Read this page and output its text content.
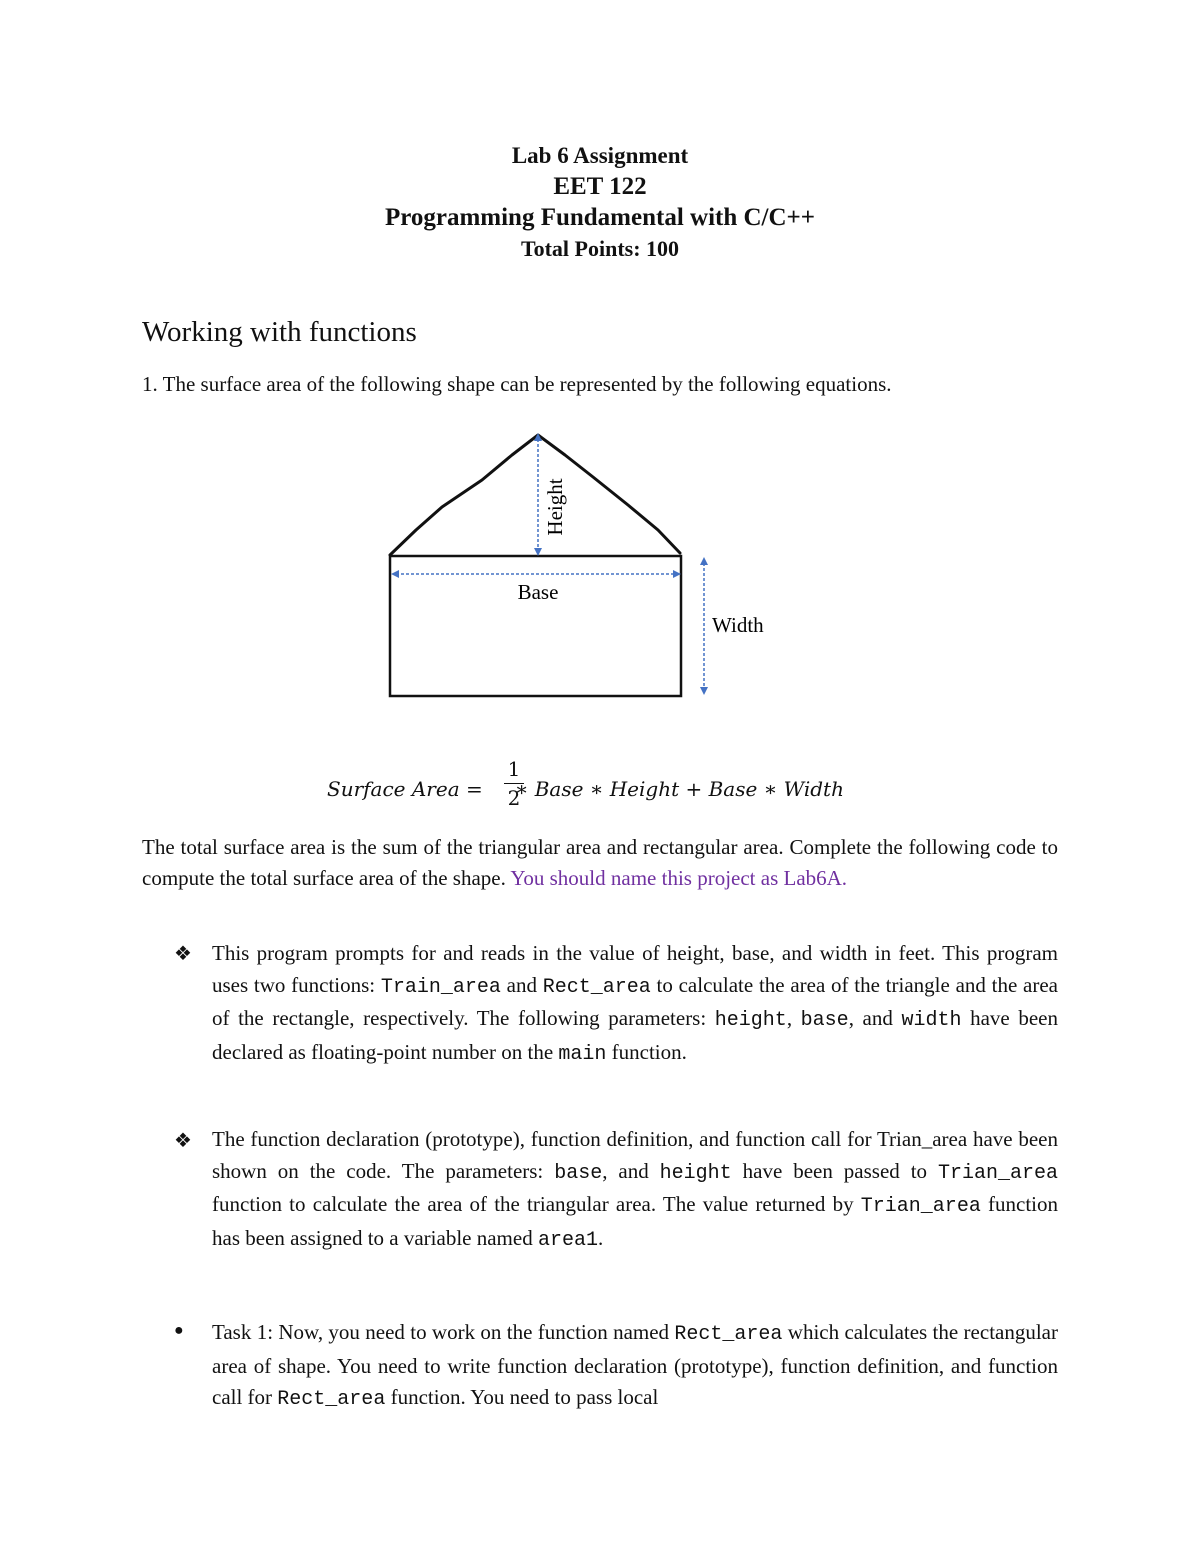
Lab 6 Assignment
EET 122
Programming Fundamental with C/C++
Total Points: 100
Working with functions
1. The surface area of the following shape can be represented by the following equations.
Height
Base
Width
1
2
Surface Area = ∗ Base ∗ Height + Base ∗ Width
The total surface area is the sum of the triangular area and rectangular area. Complete the following code to compute the total surface area of the shape. You should name this project as Lab6A.
❖ This program prompts for and reads in the value of height, base, and width in feet. This program uses two functions: Train_area and Rect_area to calculate the area of the triangle and the area of the rectangle, respectively. The following parameters: height, base, and width have been declared as floating-point number on the main function.
❖ The function declaration (prototype), function definition, and function call for Trian_area have been shown on the code. The parameters: base, and height have been passed to Trian_area function to calculate the area of the triangular area. The value returned by Trian_area function has been assigned to a variable named area1.
● Task 1: Now, you need to work on the function named Rect_area which calculates the rectangular area of shape. You need to write function declaration (prototype), function definition, and function call for Rect_area function. You need to pass local
